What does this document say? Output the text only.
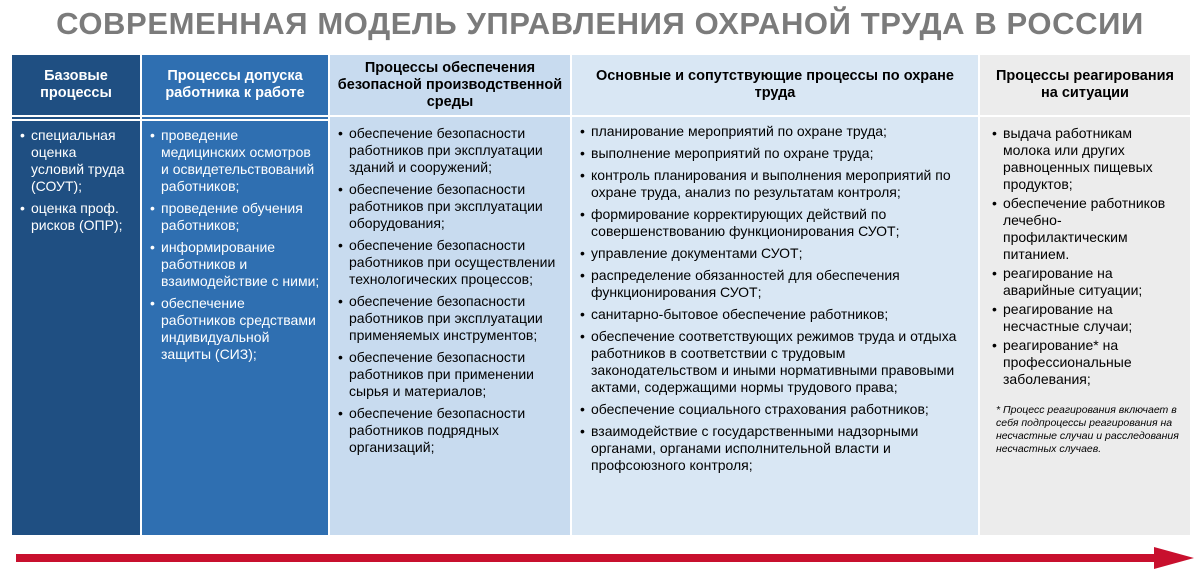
СОВРЕМЕННАЯ МОДЕЛЬ УПРАВЛЕНИЯ ОХРАНОЙ ТРУДА В РОССИИ
Базовые процессы
• специальная оценка условий труда (СОУТ);
• оценка проф. рисков (ОПР);
Процессы допуска работника к работе
• проведение медицинских осмотров и освидетельствований работников;
• проведение обучения работников;
• информирование работников и взаимодействие с ними;
• обеспечение работников средствами индивидуальной защиты (СИЗ);
Процессы обеспечения безопасной производственной среды
• обеспечение безопасности работников при эксплуатации зданий и сооружений;
• обеспечение безопасности работников при эксплуатации оборудования;
• обеспечение безопасности работников при осуществлении технологических процессов;
• обеспечение безопасности работников при эксплуатации применяемых инструментов;
• обеспечение безопасности работников при применении сырья и материалов;
• обеспечение безопасности работников подрядных организаций;
Основные и сопутствующие процессы по охране труда
• планирование мероприятий по охране труда;
• выполнение мероприятий по охране труда;
• контроль планирования и выполнения мероприятий по охране труда, анализ по результатам контроля;
• формирование корректирующих действий по совершенствованию функционирования СУОТ;
• управление документами СУОТ;
• распределение обязанностей для обеспечения функционирования СУОТ;
• санитарно-бытовое обеспечение работников;
• обеспечение соответствующих режимов труда и отдыха работников в соответствии с трудовым законодательством и иными нормативными правовыми актами, содержащими нормы трудового права;
• обеспечение социального страхования работников;
• взаимодействие с государственными надзорными органами, органами исполнительной власти и профсоюзного контроля;
Процессы реагирования на ситуации
• выдача работникам молока или других равноценных пищевых продуктов;
• обеспечение работников лечебно-профилактическим питанием.
• реагирование на аварийные ситуации;
• реагирование на несчастные случаи;
• реагирование* на профессиональные заболевания;
* Процесс реагирования включает в себя подпроцессы реагирования на несчастные случаи и расследования несчастных случаев.
